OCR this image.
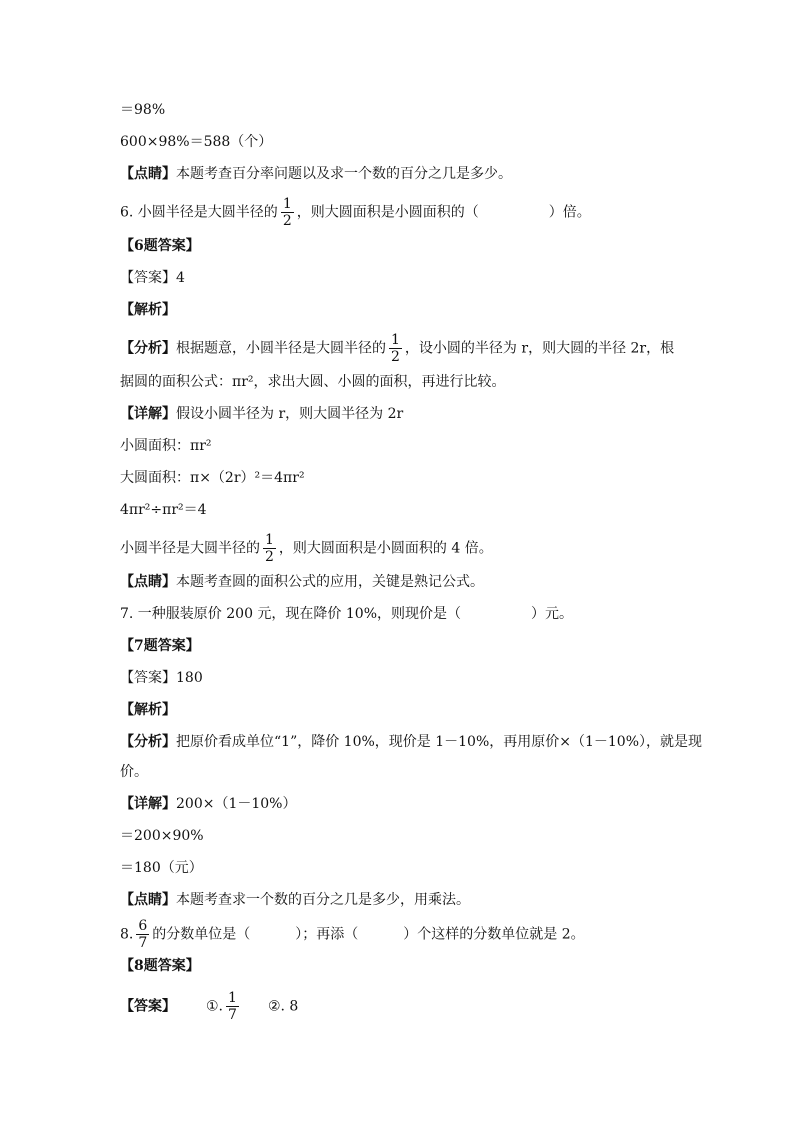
＝98%
600×98%＝588（个）
【点睛】本题考查百分率问题以及求一个数的百分之几是多少。
6. 小圆半径是大圆半径的 $\frac{1}{2}$ ，则大圆面积是小圆面积的（	）倍。
【6题答案】
【答案】4
【解析】
【分析】根据题意，小圆半径是大圆半径的 $\frac{1}{2}$ ，设小圆的半径为 r，则大圆的半径 2r，根
据圆的面积公式：πr²，求出大圆、小圆的面积，再进行比较。
【详解】假设小圆半径为 r，则大圆半径为 2r
小圆面积：πr²
大圆面积：π×（2r）²＝4πr²
4πr²÷πr²＝4
小圆半径是大圆半径的 $\frac{1}{2}$ ，则大圆面积是小圆面积的 4 倍。
【点睛】本题考查圆的面积公式的应用，关键是熟记公式。
7. 一种服装原价 200 元，现在降价 10%，则现价是（	）元。
【7题答案】
【答案】180
【解析】
【分析】把原价看成单位“1”，降价 10%，现价是 1－10%，再用原价×（1－10%），就是现
价。
【详解】200×（1－10%）
＝200×90%
＝180（元）
【点睛】本题考查求一个数的百分之几是多少，用乘法。
8. $\frac{6}{7}$ 的分数单位是（	）；再添（	）个这样的分数单位就是 2。
【8题答案】
【答案】 ①. $\frac{1}{7}$ ②. 8
